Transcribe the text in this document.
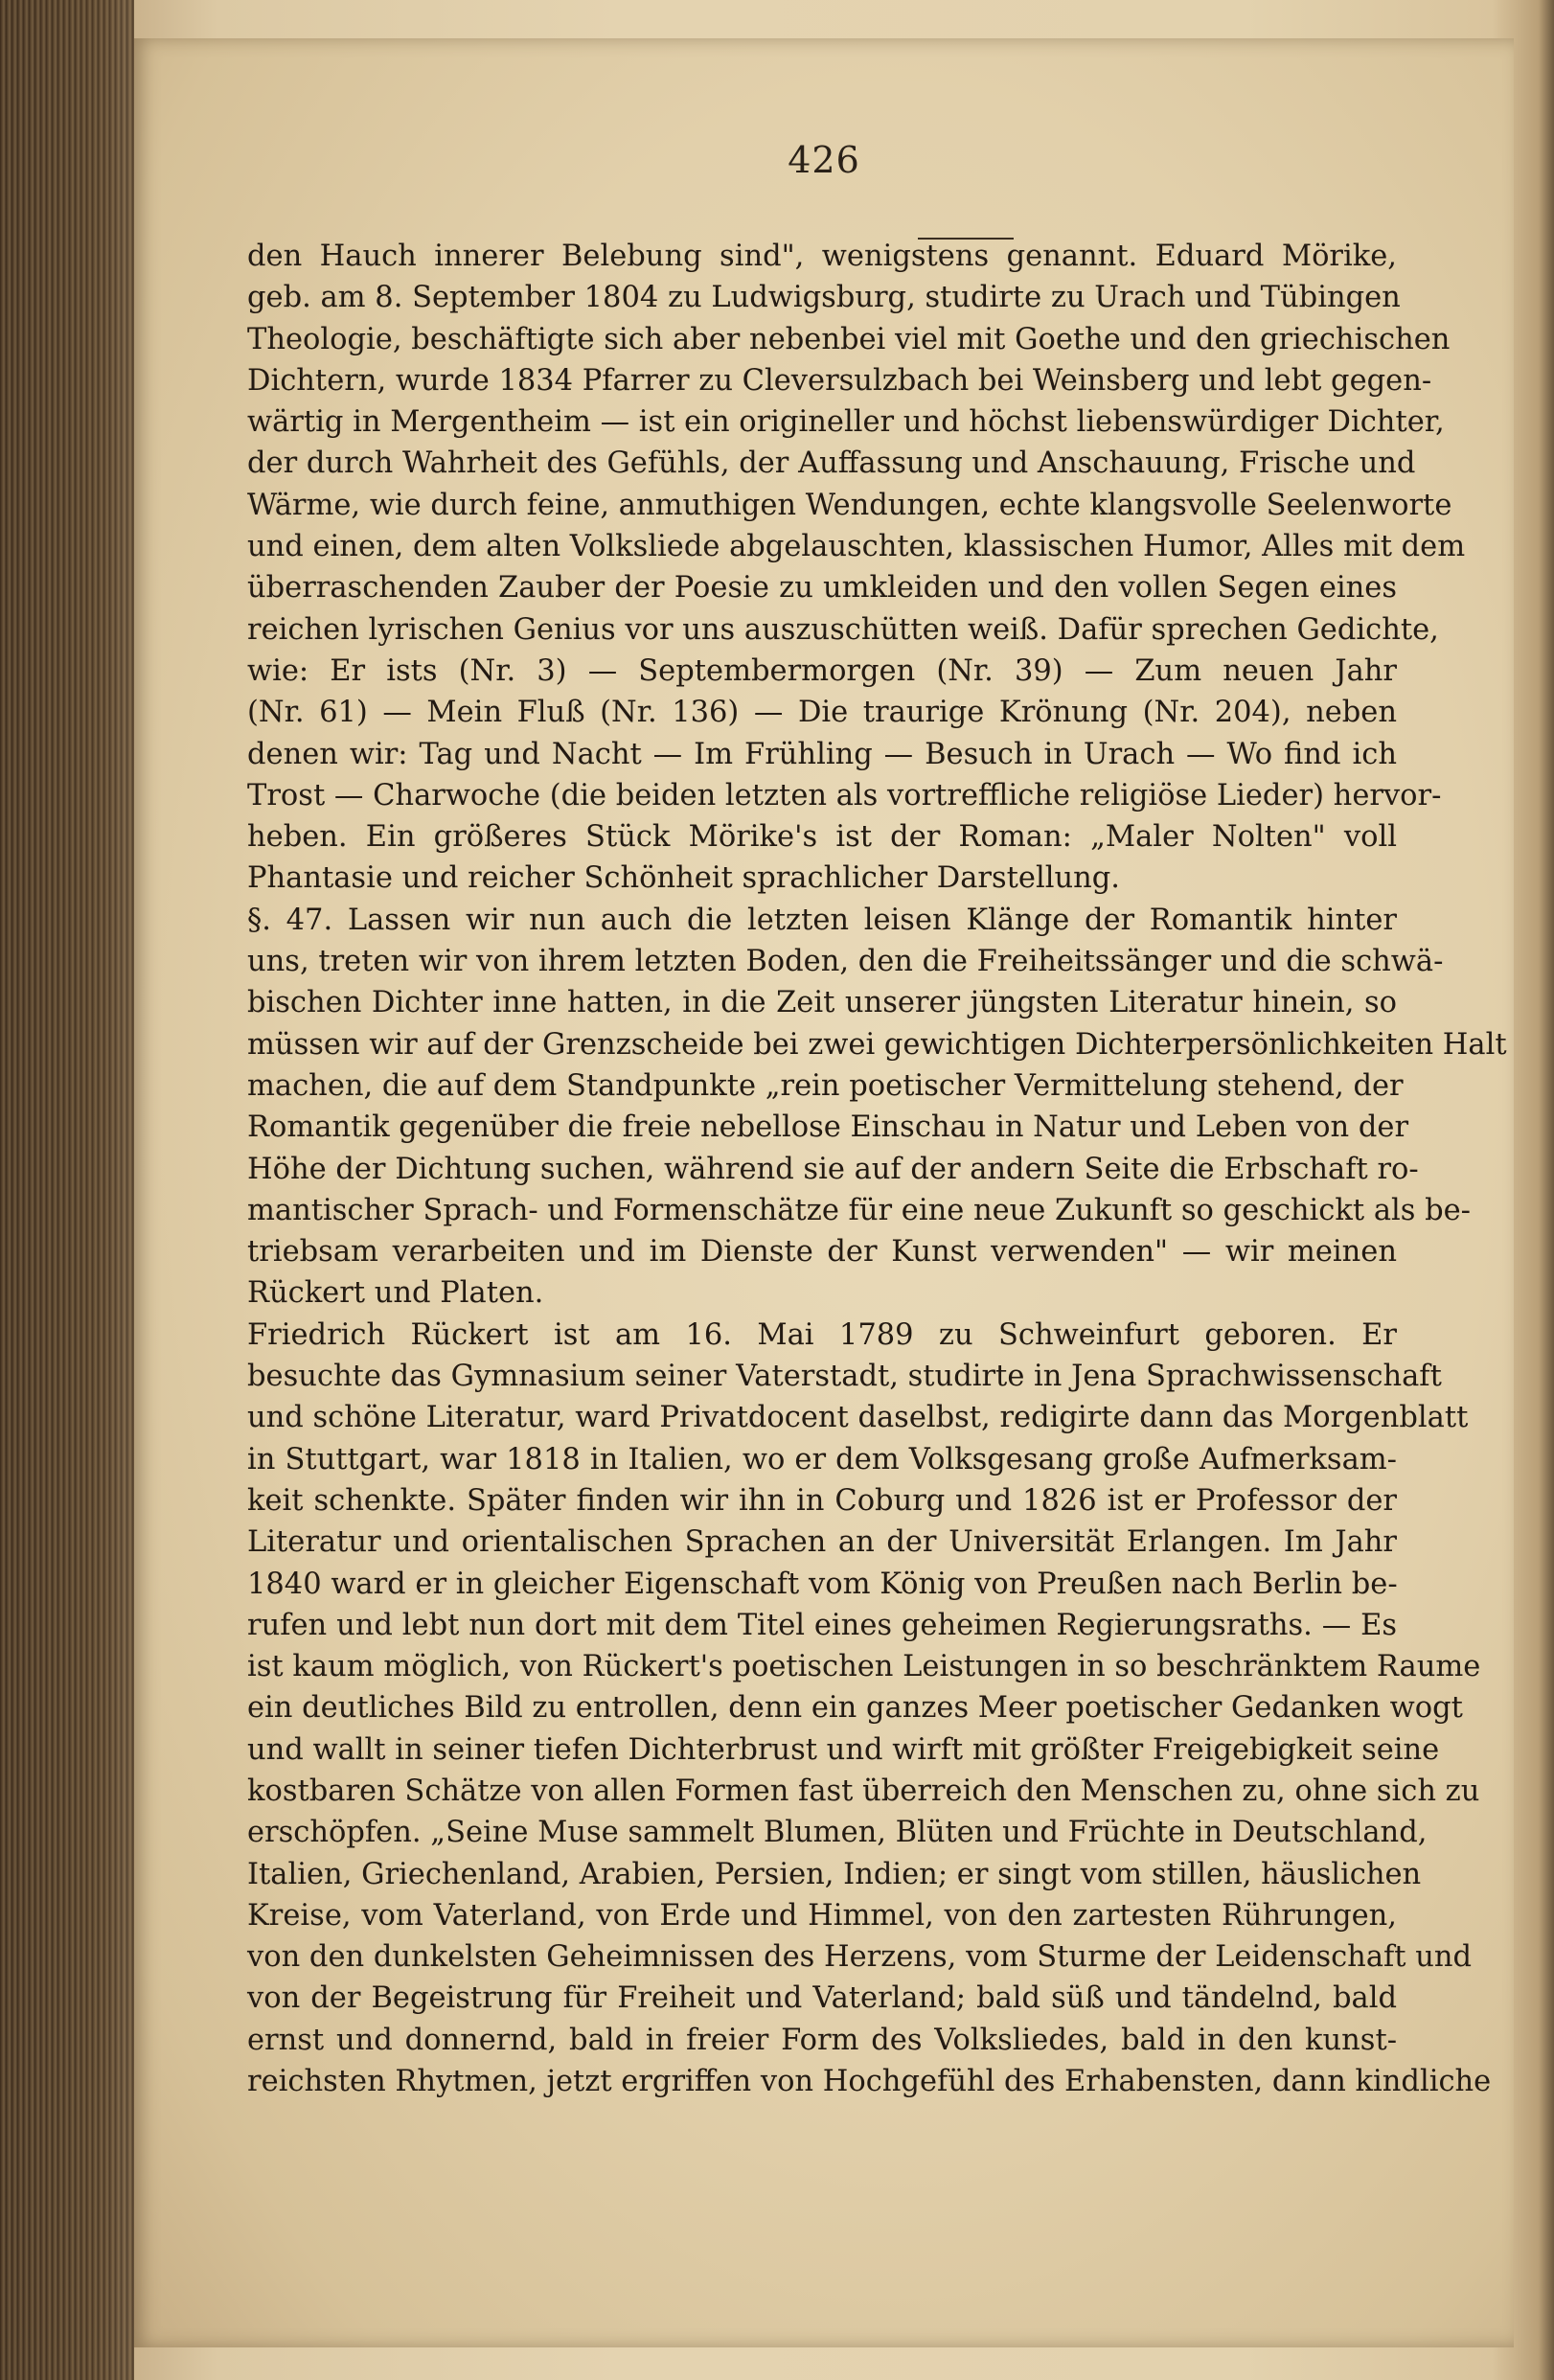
426
den Hauch innerer Belebung sind", wenigstens genannt. Eduard Mörike,
geb. am 8. September 1804 zu Ludwigsburg, studirte zu Urach und Tübingen
Theologie, beschäftigte sich aber nebenbei viel mit Goethe und den griechischen
Dichtern, wurde 1834 Pfarrer zu Cleversulzbach bei Weinsberg und lebt gegen-
wärtig in Mergentheim — ist ein origineller und höchst liebenswürdiger Dichter,
der durch Wahrheit des Gefühls, der Auffassung und Anschauung, Frische und
Wärme, wie durch feine, anmuthigen Wendungen, echte klangsvolle Seelenworte
und einen, dem alten Volksliede abgelauschten, klassischen Humor, Alles mit dem
überraschenden Zauber der Poesie zu umkleiden und den vollen Segen eines
reichen lyrischen Genius vor uns auszuschütten weiß. Dafür sprechen Gedichte,
wie: Er ists (Nr. 3) — Septembermorgen (Nr. 39) — Zum neuen Jahr
(Nr. 61) — Mein Fluß (Nr. 136) — Die traurige Krönung (Nr. 204), neben
denen wir: Tag und Nacht — Im Frühling — Besuch in Urach — Wo find ich
Trost — Charwoche (die beiden letzten als vortreffliche religiöse Lieder) hervor-
heben. Ein größeres Stück Mörike's ist der Roman: „Maler Nolten" voll
Phantasie und reicher Schönheit sprachlicher Darstellung.
§. 47. Lassen wir nun auch die letzten leisen Klänge der Romantik hinter
uns, treten wir von ihrem letzten Boden, den die Freiheitssänger und die schwä-
bischen Dichter inne hatten, in die Zeit unserer jüngsten Literatur hinein, so
müssen wir auf der Grenzscheide bei zwei gewichtigen Dichterpersönlichkeiten Halt
machen, die auf dem Standpunkte „rein poetischer Vermittelung stehend, der
Romantik gegenüber die freie nebellose Einschau in Natur und Leben von der
Höhe der Dichtung suchen, während sie auf der andern Seite die Erbschaft ro-
mantischer Sprach- und Formenschätze für eine neue Zukunft so geschickt als be-
triebsam verarbeiten und im Dienste der Kunst verwenden" — wir meinen
Rückert und Platen.
Friedrich Rückert ist am 16. Mai 1789 zu Schweinfurt geboren. Er
besuchte das Gymnasium seiner Vaterstadt, studirte in Jena Sprachwissenschaft
und schöne Literatur, ward Privatdocent daselbst, redigirte dann das Morgenblatt
in Stuttgart, war 1818 in Italien, wo er dem Volksgesang große Aufmerksam-
keit schenkte. Später finden wir ihn in Coburg und 1826 ist er Professor der
Literatur und orientalischen Sprachen an der Universität Erlangen. Im Jahr
1840 ward er in gleicher Eigenschaft vom König von Preußen nach Berlin be-
rufen und lebt nun dort mit dem Titel eines geheimen Regierungsraths. — Es
ist kaum möglich, von Rückert's poetischen Leistungen in so beschränktem Raume
ein deutliches Bild zu entrollen, denn ein ganzes Meer poetischer Gedanken wogt
und wallt in seiner tiefen Dichterbrust und wirft mit größter Freigebigkeit seine
kostbaren Schätze von allen Formen fast überreich den Menschen zu, ohne sich zu
erschöpfen. „Seine Muse sammelt Blumen, Blüten und Früchte in Deutschland,
Italien, Griechenland, Arabien, Persien, Indien; er singt vom stillen, häuslichen
Kreise, vom Vaterland, von Erde und Himmel, von den zartesten Rührungen,
von den dunkelsten Geheimnissen des Herzens, vom Sturme der Leidenschaft und
von der Begeistrung für Freiheit und Vaterland; bald süß und tändelnd, bald
ernst und donnernd, bald in freier Form des Volksliedes, bald in den kunst-
reichsten Rhytmen, jetzt ergriffen von Hochgefühl des Erhabensten, dann kindliche
